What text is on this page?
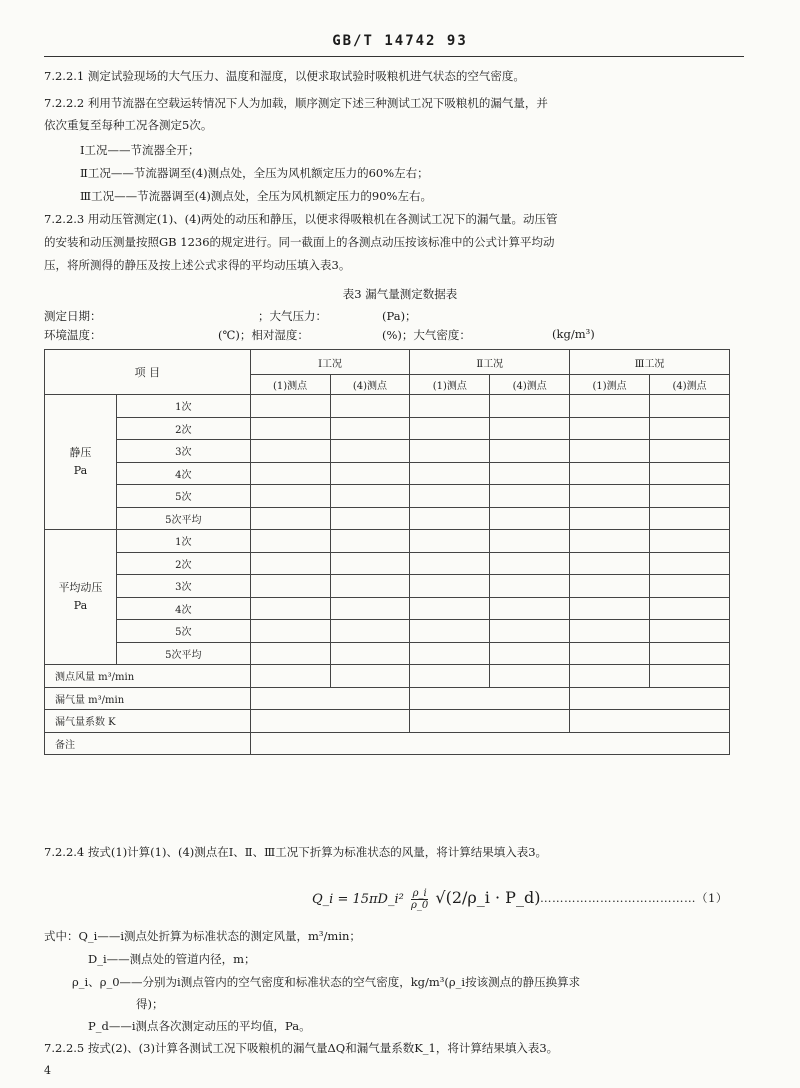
GB/T 14742 93
7.2.2.1 测定试验现场的大气压力、温度和湿度，以便求取试验时吸粮机进气状态的空气密度。
7.2.2.2 利用节流器在空载运转情况下人为加载，顺序测定下述三种测试工况下吸粮机的漏气量，并
依次重复至每种工况各测定5次。
Ⅰ工况——节流器全开；
Ⅱ工况——节流器调至(4)测点处，全压为风机额定压力的60%左右；
Ⅲ工况——节流器调至(4)测点处，全压为风机额定压力的90%左右。
7.2.2.3 用动压管测定(1)、(4)两处的动压和静压，以便求得吸粮机在各测试工况下的漏气量。动压管
的安装和动压测量按照GB 1236的规定进行。同一截面上的各测点动压按该标准中的公式计算平均动
压，将所测得的静压及按上述公式求得的平均动压填入表3。
表3 漏气量测定数据表
测定日期：	；大气压力：	(Pa)；
环境温度：	(℃)；相对湿度：	(%)；大气密度：	(kg/m³)
项 目		Ⅰ工况		Ⅱ工况		Ⅲ工况	
		(1)测点	(4)测点	(1)测点	(4)测点	(1)测点	(4)测点
静压
Pa	1次						
	2次						
	3次						
	4次						
	5次						
	5次平均						
平均动压
Pa	1次						
	2次						
	3次						
	4次						
	5次						
	5次平均						
测点风量 m³/min							
漏气量 m³/min							
漏气量系数 K							
备注							
7.2.2.4 按式(1)计算(1)、(4)测点在Ⅰ、Ⅱ、Ⅲ工况下折算为标准状态的风量，将计算结果填入表3。
Q_i = 15πD_i² $\frac{\rho\_i}{\rho\_0}$ √(2/ρ_i · P_d) …………………………………（1）
式中：Q_i——i测点处折算为标准状态的测定风量，m³/min；
D_i——测点处的管道内径，m；
ρ_i、ρ_0——分别为i测点管内的空气密度和标准状态的空气密度，kg/m³(ρ_i按该测点的静压换算求
得)；
P_d——i测点各次测定动压的平均值，Pa。
7.2.2.5 按式(2)、(3)计算各测试工况下吸粮机的漏气量ΔQ和漏气量系数K_1，将计算结果填入表3。
4
